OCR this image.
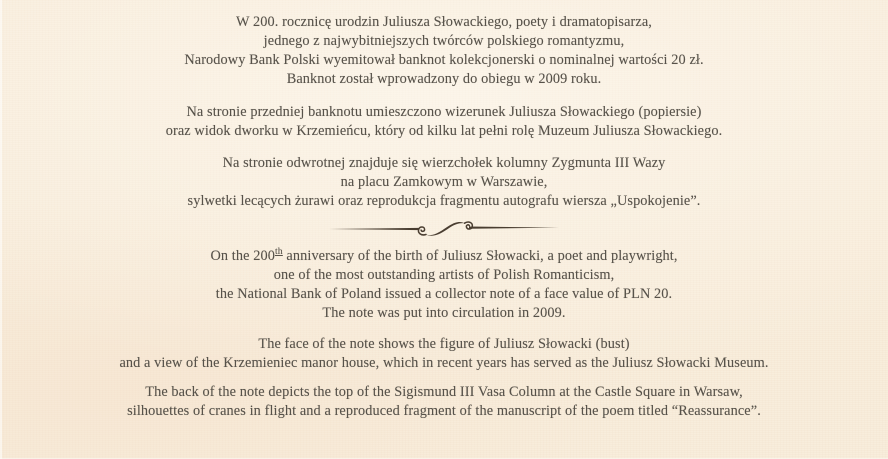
W 200. rocznicę urodzin Juliusza Słowackiego, poety i dramatopisarza,
jednego z najwybitniejszych twórców polskiego romantyzmu,
Narodowy Bank Polski wyemitował banknot kolekcjonerski o nominalnej wartości 20 zł.
Banknot został wprowadzony do obiegu w 2009 roku.

Na stronie przedniej banknotu umieszczono wizerunek Juliusza Słowackiego (popiersie)
oraz widok dworku w Krzemieńcu, który od kilku lat pełni rolę Muzeum Juliusza Słowackiego.

Na stronie odwrotnej znajduje się wierzchołek kolumny Zygmunta III Wazy
na placu Zamkowym w Warszawie,
sylwetki lecących żurawi oraz reprodukcja fragmentu autografu wiersza „Uspokojenie”.

On the 200th anniversary of the birth of Juliusz Słowacki, a poet and playwright,
one of the most outstanding artists of Polish Romanticism,
the National Bank of Poland issued a collector note of a face value of PLN 20.
The note was put into circulation in 2009.

The face of the note shows the figure of Juliusz Słowacki (bust)
and a view of the Krzemieniec manor house, which in recent years has served as the Juliusz Słowacki Museum.

The back of the note depicts the top of the Sigismund III Vasa Column at the Castle Square in Warsaw,
silhouettes of cranes in flight and a reproduced fragment of the manuscript of the poem titled “Reassurance”.
